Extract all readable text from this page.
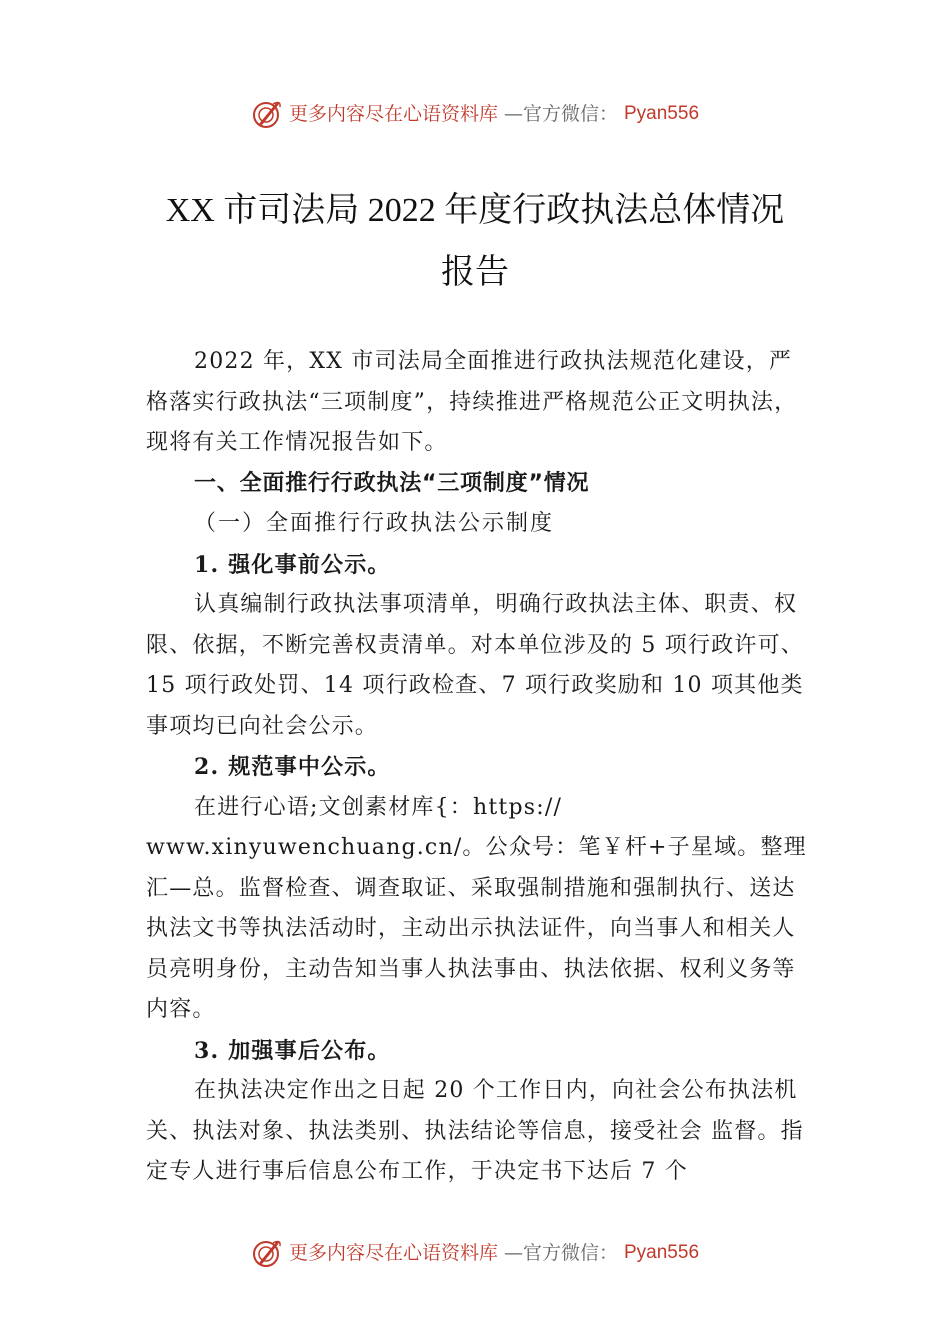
更多内容尽在心语资料库 —官方微信： Pyan556
XX 市司法局 2022 年度行政执法总体情况
报告

2022 年，XX 市司法局全面推进行政执法规范化建设，严格落实行政执法“三项制度”，持续推进严格规范公正文明执法，现将有关工作情况报告如下。

一、全面推行行政执法“三项制度”情况

（一）全面推行行政执法公示制度

1. 强化事前公示。

认真编制行政执法事项清单，明确行政执法主体、职责、权限、依据，不断完善权责清单。对本单位涉及的 5 项行政许可、15 项行政处罚、14 项行政检查、7 项行政奖励和 10 项其他类事项均已向社会公示。

2. 规范事中公示。

在进行心语;文创素材库{：https://

www.xinyuwenchuang.cn/。公众号：笔￥杆+子星域。整理汇—总。监督检查、调查取证、采取强制措施和强制执行、送达执法文书等执法活动时，主动出示执法证件，向当事人和相关人员亮明身份，主动告知当事人执法事由、执法依据、权利义务等内容。

3. 加强事后公布。

在执法决定作出之日起 20 个工作日内，向社会公布执法机关、执法对象、执法类别、执法结论等信息，接受社会 监督。指定专人进行事后信息公布工作，于决定书下达后 7 个

更多内容尽在心语资料库 —官方微信： Pyan556
